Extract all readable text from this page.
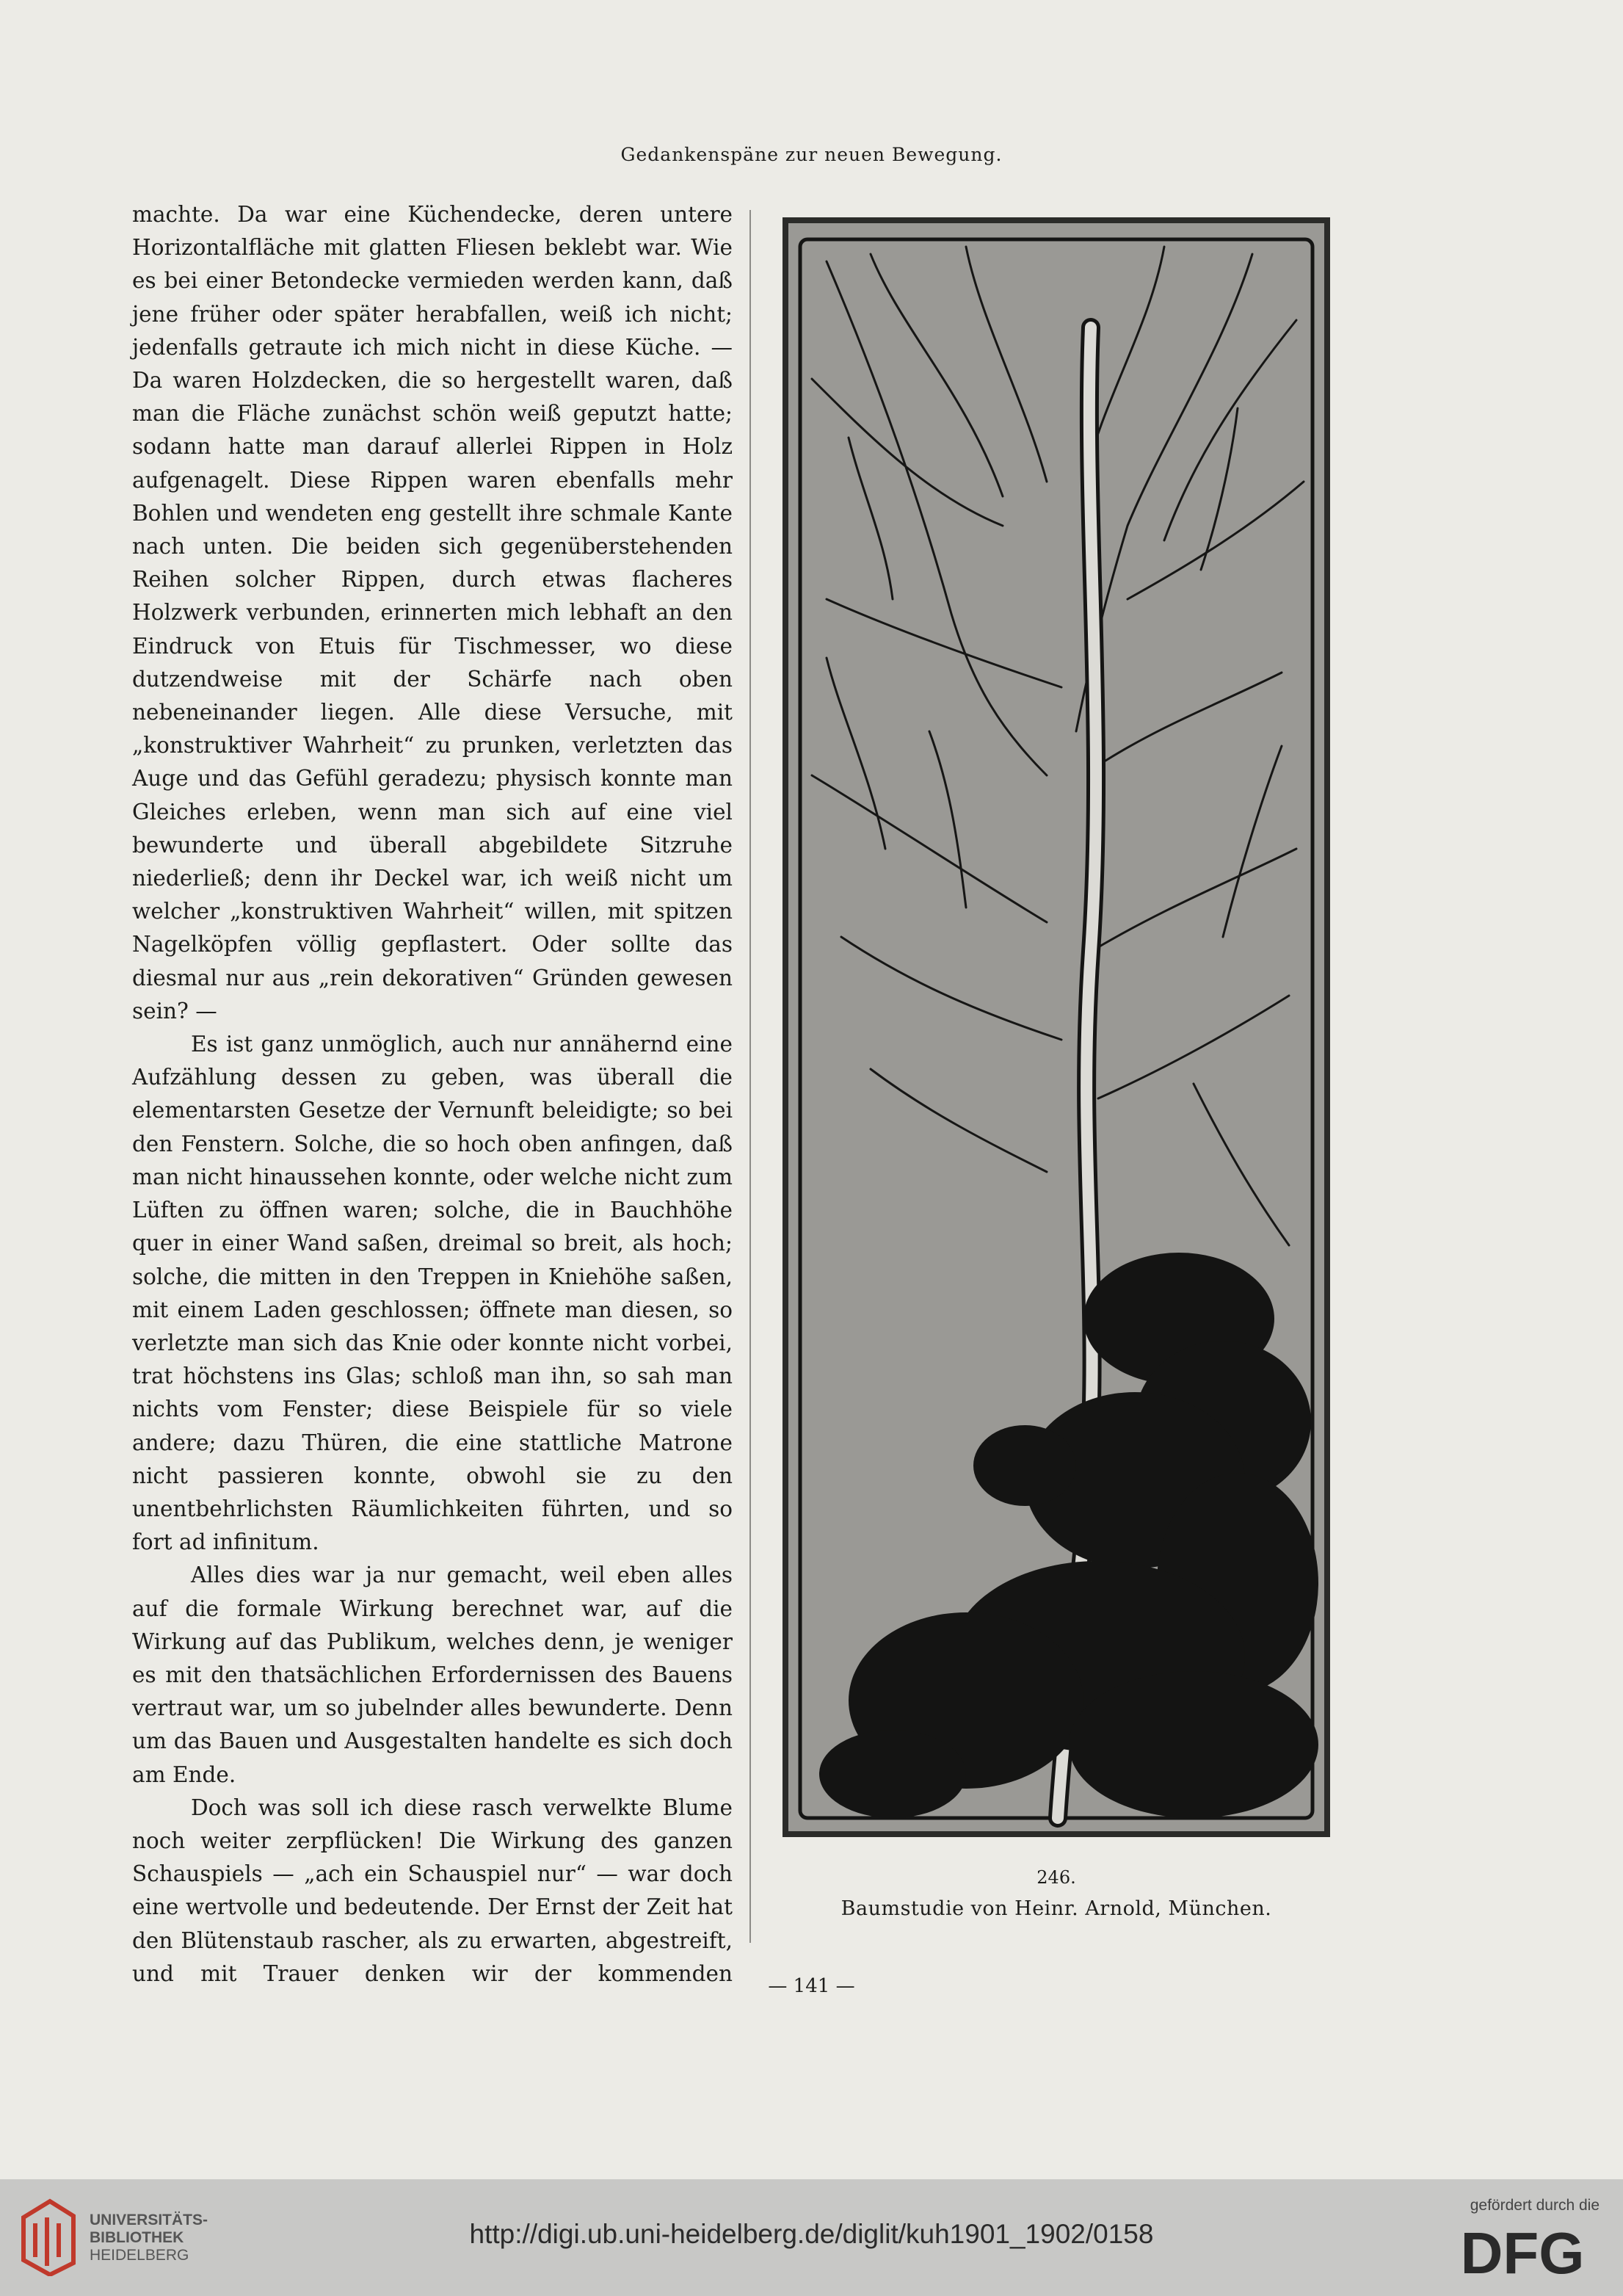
Gedankenspäne zur neuen Bewegung.

machte. Da war eine Küchendecke, deren untere Horizontalfläche mit glatten Fliesen beklebt war. Wie es bei einer Betondecke vermieden werden kann, daß jene früher oder später herabfallen, weiß ich nicht; jedenfalls getraute ich mich nicht in diese Küche. — Da waren Holzdecken, die so hergestellt waren, daß man die Fläche zunächst schön weiß geputzt hatte; sodann hatte man darauf allerlei Rippen in Holz aufgenagelt. Diese Rippen waren ebenfalls mehr Bohlen und wendeten eng gestellt ihre schmale Kante nach unten. Die beiden sich gegenüberstehenden Reihen solcher Rippen, durch etwas flacheres Holzwerk verbunden, erinnerten mich lebhaft an den Eindruck von Etuis für Tischmesser, wo diese dutzendweise mit der Schärfe nach oben nebeneinander liegen. Alle diese Versuche, mit „konstruktiver Wahrheit“ zu prunken, verletzten das Auge und das Gefühl geradezu; physisch konnte man Gleiches erleben, wenn man sich auf eine viel bewunderte und überall abgebildete Sitzruhe niederließ; denn ihr Deckel war, ich weiß nicht um welcher „konstruktiven Wahrheit“ willen, mit spitzen Nagelköpfen völlig gepflastert. Oder sollte das diesmal nur aus „rein dekorativen“ Gründen gewesen sein? —

Es ist ganz unmöglich, auch nur annähernd eine Aufzählung dessen zu geben, was überall die elementarsten Gesetze der Vernunft beleidigte; so bei den Fenstern. Solche, die so hoch oben anfingen, daß man nicht hinaussehen konnte, oder welche nicht zum Lüften zu öffnen waren; solche, die in Bauchhöhe quer in einer Wand saßen, dreimal so breit, als hoch; solche, die mitten in den Treppen in Kniehöhe saßen, mit einem Laden geschlossen; öffnete man diesen, so verletzte man sich das Knie oder konnte nicht vorbei, trat höchstens ins Glas; schloß man ihn, so sah man nichts vom Fenster; diese Beispiele für so viele andere; dazu Thüren, die eine stattliche Matrone nicht passieren konnte, obwohl sie zu den unentbehrlichsten Räumlichkeiten führten, und so fort ad infinitum.

Alles dies war ja nur gemacht, weil eben alles auf die formale Wirkung berechnet war, auf die Wirkung auf das Publikum, welches denn, je weniger es mit den thatsächlichen Erfordernissen des Bauens vertraut war, um so jubelnder alles bewunderte. Denn um das Bauen und Ausgestalten handelte es sich doch am Ende.

Doch was soll ich diese rasch verwelkte Blume noch weiter zerpflücken! Die Wirkung des ganzen Schauspiels — „ach ein Schauspiel nur“ — war doch eine wertvolle und bedeutende. Der Ernst der Zeit hat den Blütenstaub rascher, als zu erwarten, abgestreift, und mit Trauer denken wir der kommenden

246.
Baumstudie von Heinr. Arnold, München.
— 141 —
UNIVERSITÄTS-
BIBLIOTHEK
HEIDELBERG
http://digi.ub.uni-heidelberg.de/diglit/kuh1901_1902/0158
gefördert durch die
DFG
